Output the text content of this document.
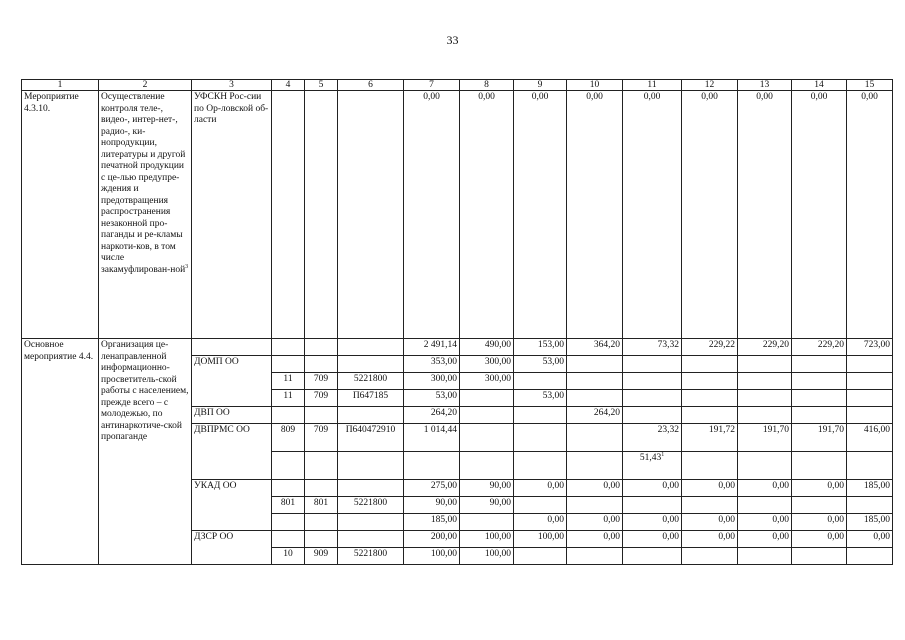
33
1	2	3	4	5	6	7	8	9	10	11	12	13	14	15
Мероприятие 4.3.10.	Осуществление контроля теле-, видео-, интер-нет-, радио-, ки-нопродукции, литературы и другой печатной продукции с це-лью предупре-ждения и предотвращения распространения незаконной про-паганды и ре-кламы наркоти-ков, в том числе закамуфлирован-ной$^3$	УФСКН Рос-сии по Ор-ловской об-ласти				0,00	0,00	0,00	0,00	0,00	0,00	0,00	0,00	0,00
Основное мероприятие 4.4.	Организация це-ленаправленной информационно-просветитель-ской работы с населением, прежде всего – с молодежью, по антинаркотиче-ской пропаганде					2 491,14	490,00	153,00	364,20	73,32	229,22	229,20	229,20	723,00
		ДОМП ОО				353,00	300,00	53,00						
			11	709	5221800	300,00	300,00							
			11	709	П647185	53,00		53,00						
		ДВП ОО				264,20			264,20					
		ДВПРМС ОО	809	709	П640472910	1 014,44				23,32	191,72	191,70	191,70	416,00
										51,43$^1$				
		УКАД ОО				275,00	90,00	0,00	0,00	0,00	0,00	0,00	0,00	185,00
			801	801	5221800	90,00	90,00							
						185,00		0,00	0,00	0,00	0,00	0,00	0,00	185,00
		ДЗСР ОО				200,00	100,00	100,00	0,00	0,00	0,00	0,00	0,00	0,00
			10	909	5221800	100,00	100,00							
